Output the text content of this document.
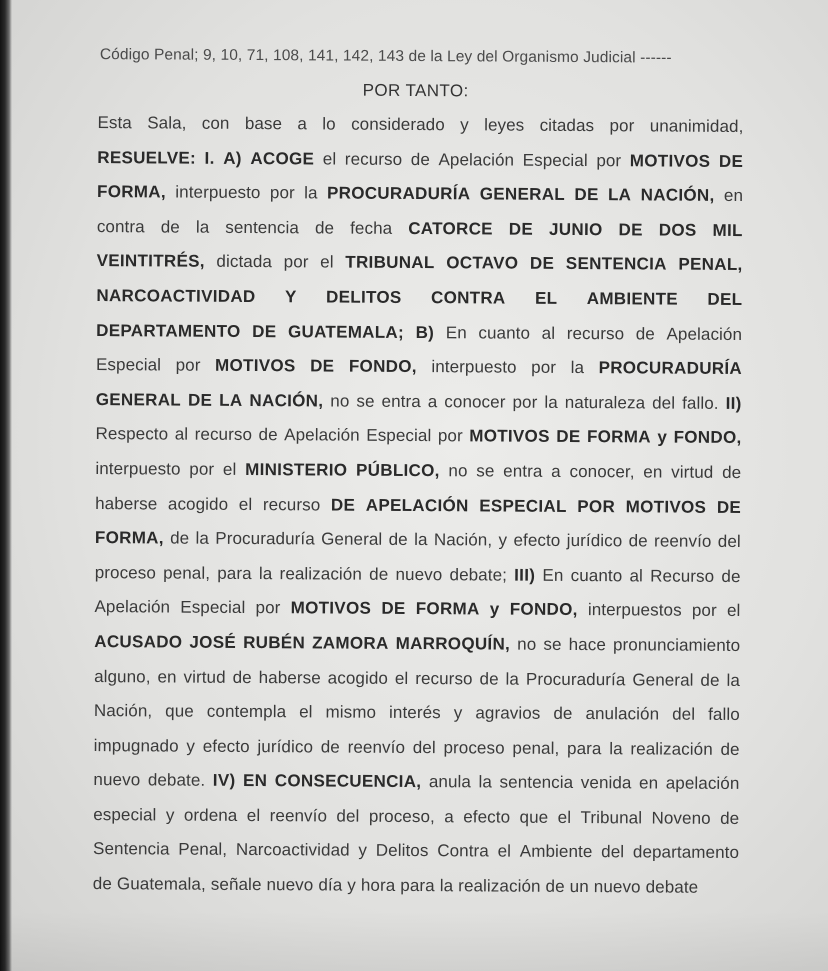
Código Penal; 9, 10, 71, 108, 141, 142, 143 de la Ley del Organismo Judicial ------
POR TANTO:
Esta Sala, con base a lo considerado y leyes citadas por unanimidad,
RESUELVE: I. A) ACOGE el recurso de Apelación Especial por MOTIVOS DE
FORMA, interpuesto por la PROCURADURÍA GENERAL DE LA NACIÓN, en
contra de la sentencia de fecha CATORCE DE JUNIO DE DOS MIL
VEINTITRÉS, dictada por el TRIBUNAL OCTAVO DE SENTENCIA PENAL,
NARCOACTIVIDAD Y DELITOS CONTRA EL AMBIENTE DEL
DEPARTAMENTO DE GUATEMALA; B) En cuanto al recurso de Apelación
Especial por MOTIVOS DE FONDO, interpuesto por la PROCURADURÍA
GENERAL DE LA NACIÓN, no se entra a conocer por la naturaleza del fallo. II)
Respecto al recurso de Apelación Especial por MOTIVOS DE FORMA y FONDO,
interpuesto por el MINISTERIO PÚBLICO, no se entra a conocer, en virtud de
haberse acogido el recurso DE APELACIÓN ESPECIAL POR MOTIVOS DE
FORMA, de la Procuraduría General de la Nación, y efecto jurídico de reenvío del
proceso penal, para la realización de nuevo debate; III) En cuanto al Recurso de
Apelación Especial por MOTIVOS DE FORMA y FONDO, interpuestos por el
ACUSADO JOSÉ RUBÉN ZAMORA MARROQUÍN, no se hace pronunciamiento
alguno, en virtud de haberse acogido el recurso de la Procuraduría General de la
Nación, que contempla el mismo interés y agravios de anulación del fallo
impugnado y efecto jurídico de reenvío del proceso penal, para la realización de
nuevo debate. IV) EN CONSECUENCIA, anula la sentencia venida en apelación
especial y ordena el reenvío del proceso, a efecto que el Tribunal Noveno de
Sentencia Penal, Narcoactividad y Delitos Contra el Ambiente del departamento
de Guatemala, señale nuevo día y hora para la realización de un nuevo debate
